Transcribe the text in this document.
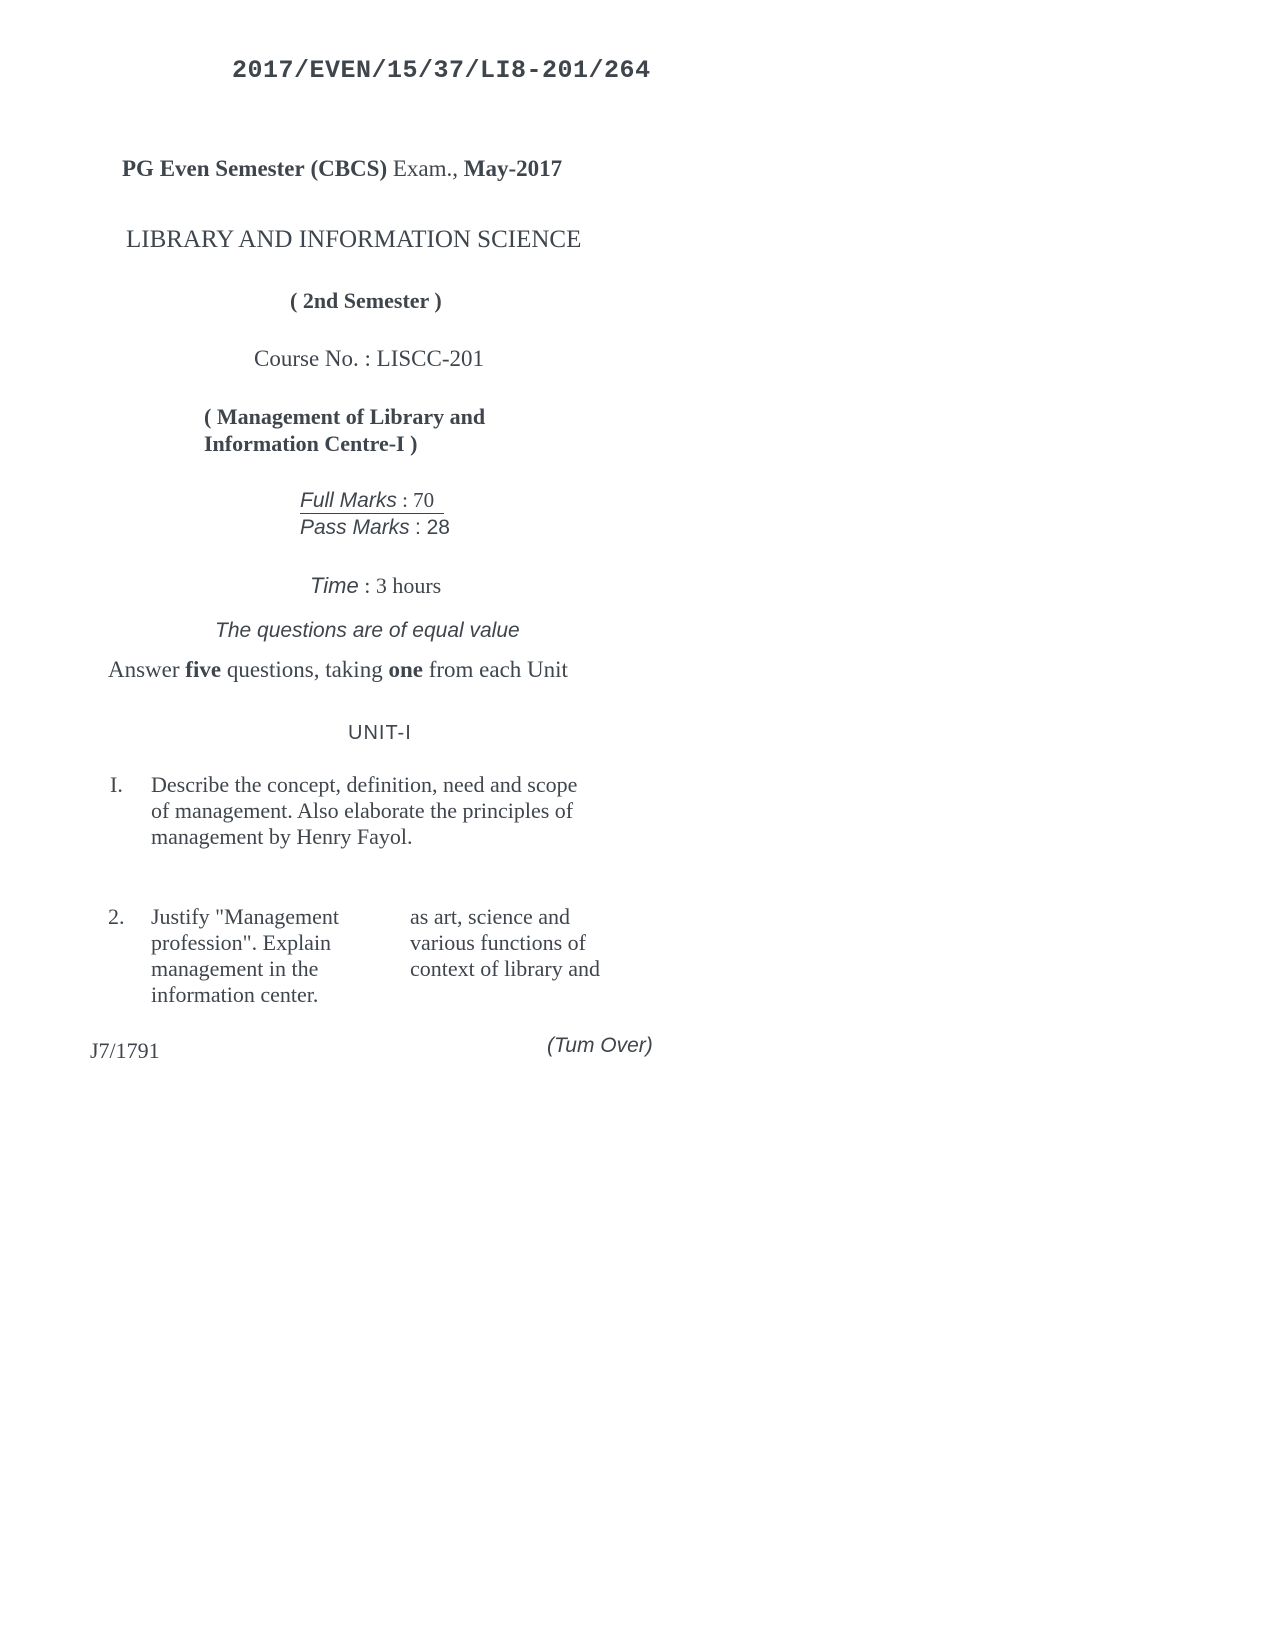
2017/EVEN/15/37/LI8-201/264
PG Even Semester (CBCS) Exam., May-2017
LIBRARY AND INFORMATION SCIENCE
( 2nd Semester )
Course No. : LISCC-201
( Management of Library and
Information Centre-I )
Full Marks : 70
Pass Marks : 28
Time : 3 hours
The questions are of equal value
Answer five questions, taking one from each Unit
UNIT-I
I. Describe the concept, definition, need and scope
of management. Also elaborate the principles of
management by Henry Fayol.
2. Justify "Management
profession". Explain
management in the
information center.
as art, science and
various functions of
context of library and
J7/1791	(Tum Over)
